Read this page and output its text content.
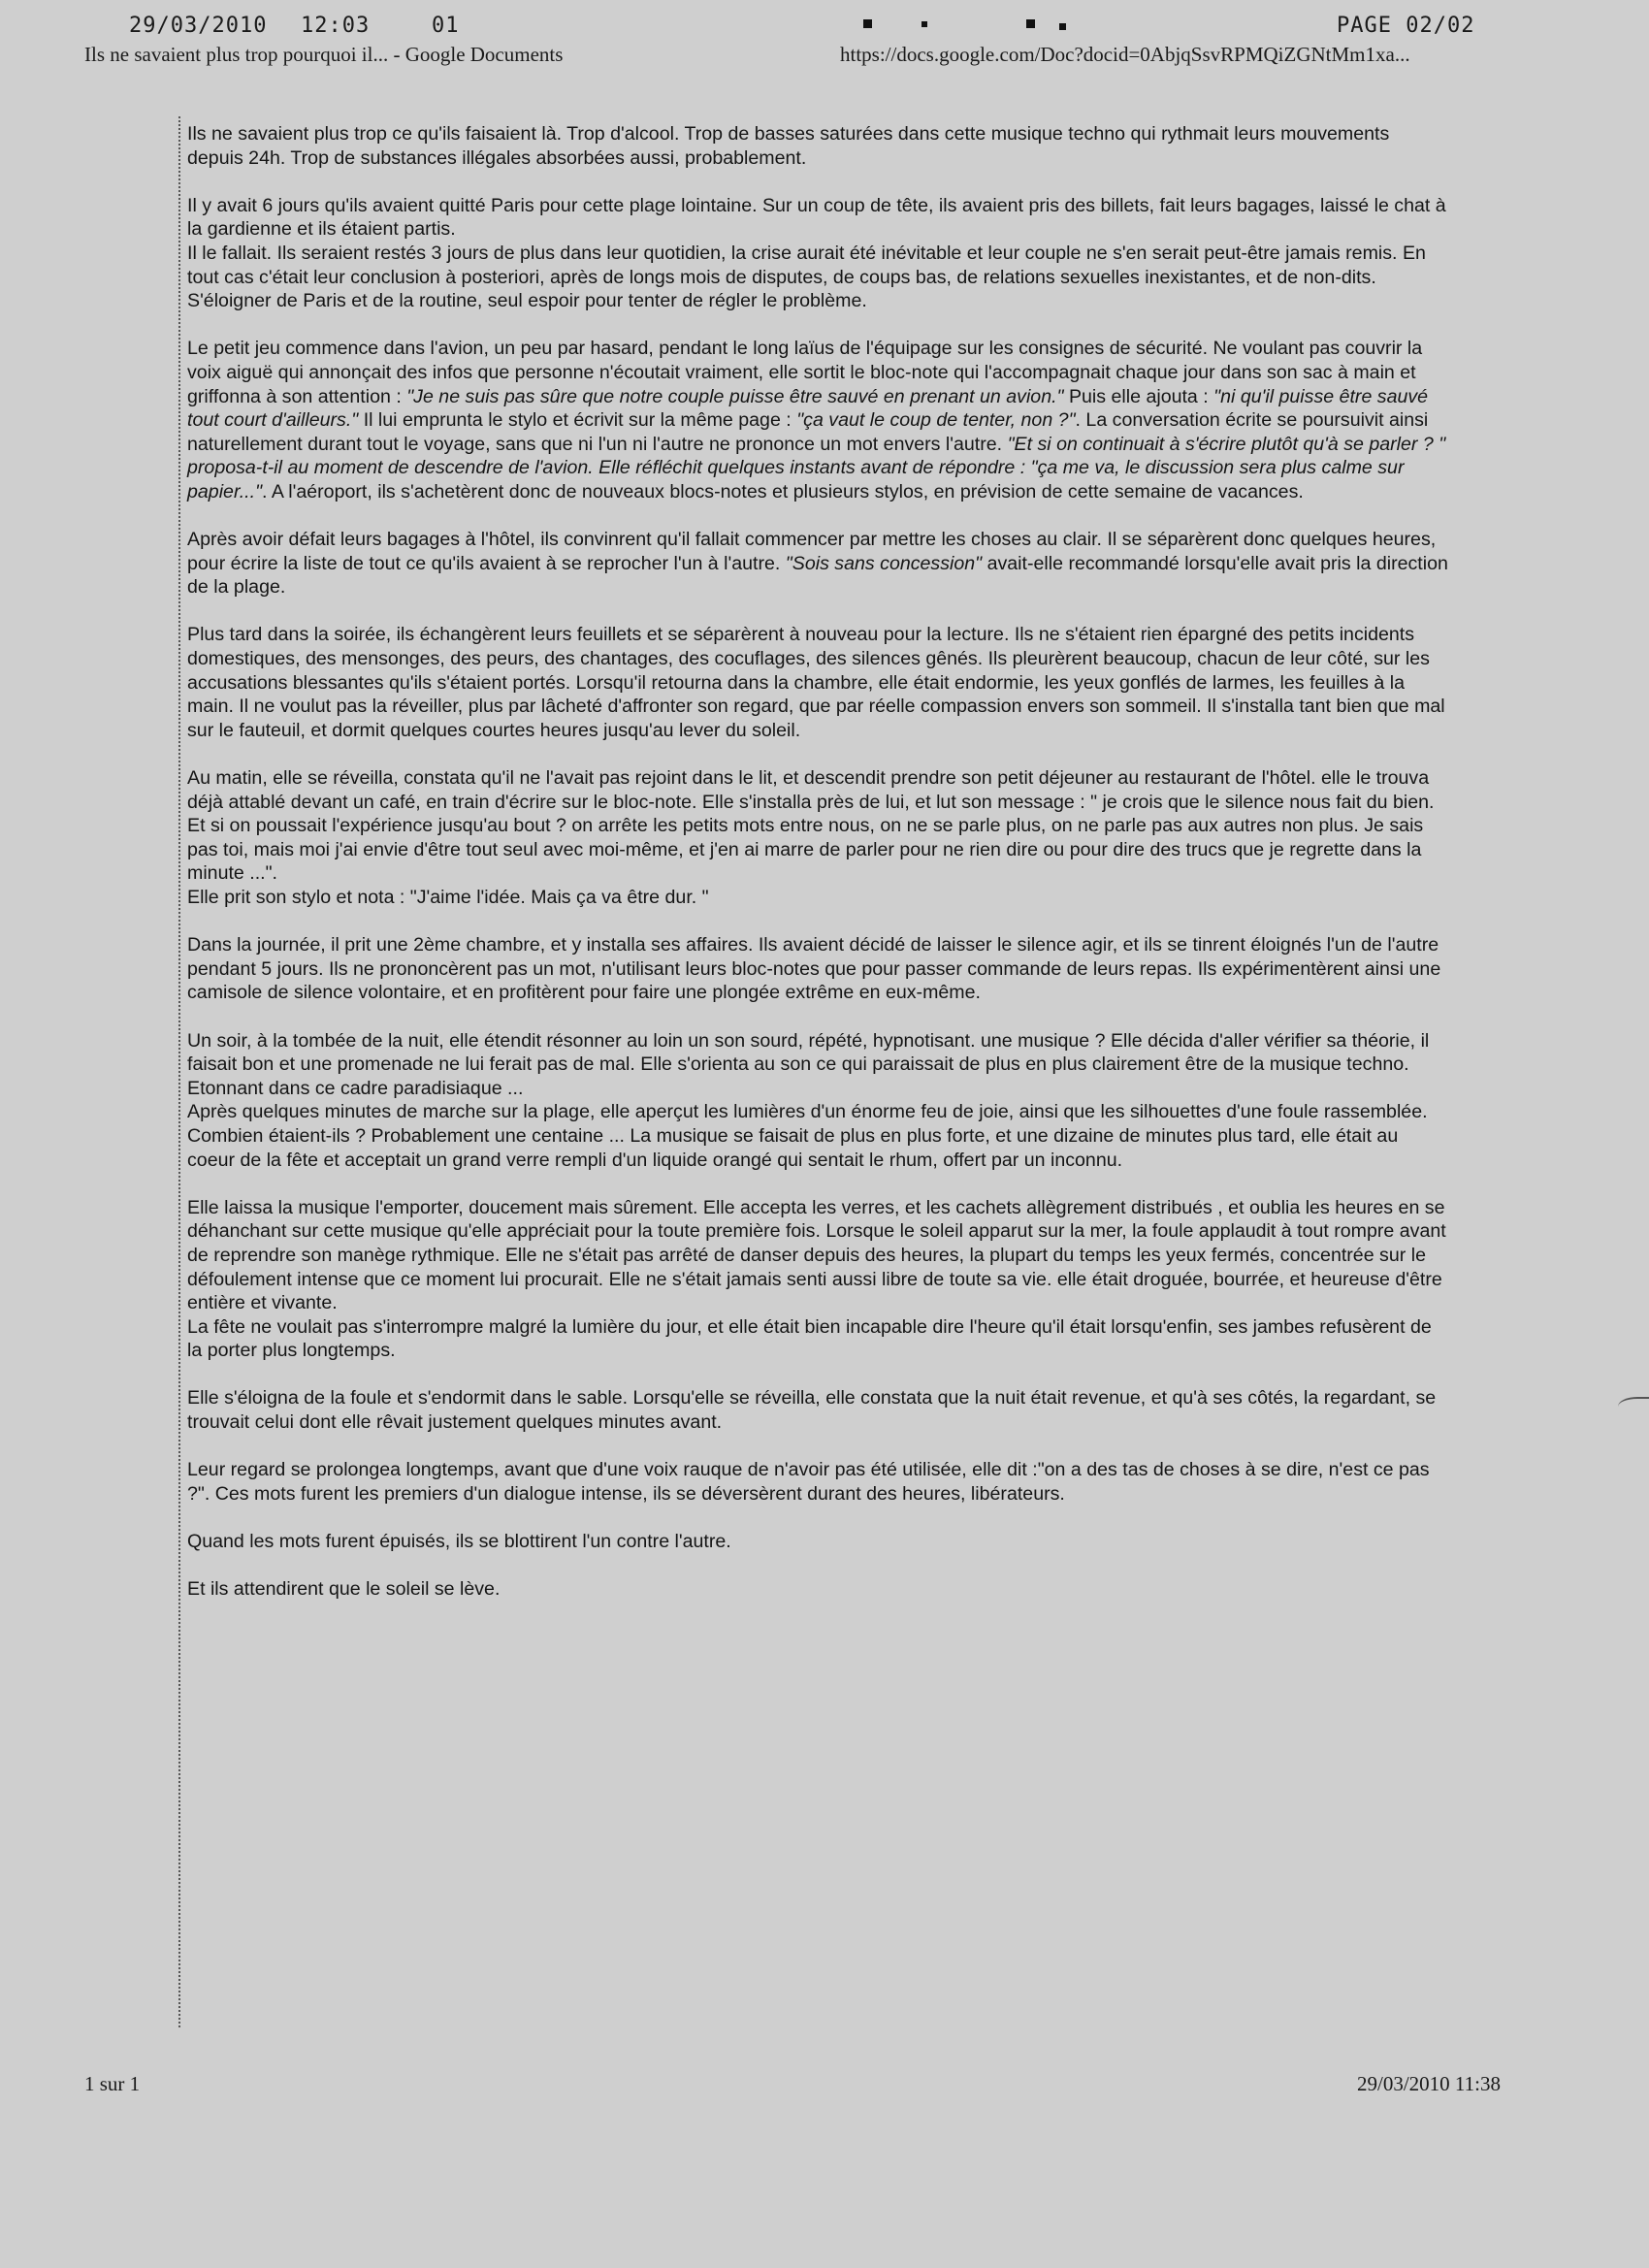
29/03/2010 12:03	01	PAGE 02/02
Ils ne savaient plus trop pourquoi il... - Google Documents	https://docs.google.com/Doc?docid=0AbjqSsvRPMQiZGNtMm1xa...

Ils ne savaient plus trop ce qu'ils faisaient là. Trop d'alcool. Trop de basses saturées dans cette musique techno qui rythmait leurs mouvements depuis 24h. Trop de substances illégales absorbées aussi, probablement.

Il y avait 6 jours qu'ils avaient quitté Paris pour cette plage lointaine. Sur un coup de tête, ils avaient pris des billets, fait leurs bagages, laissé le chat à la gardienne et ils étaient partis.

Il le fallait. Ils seraient restés 3 jours de plus dans leur quotidien, la crise aurait été inévitable et leur couple ne s'en serait peut-être jamais remis. En tout cas c'était leur conclusion à posteriori, après de longs mois de disputes, de coups bas, de relations sexuelles inexistantes, et de non-dits. S'éloigner de Paris et de la routine, seul espoir pour tenter de régler le problème.

Le petit jeu commence dans l'avion, un peu par hasard, pendant le long laïus de l'équipage sur les consignes de sécurité. Ne voulant pas couvrir la voix aiguë qui annonçait des infos que personne n'écoutait vraiment, elle sortit le bloc-note qui l'accompagnait chaque jour dans son sac à main et griffonna à son attention : "Je ne suis pas sûre que notre couple puisse être sauvé en prenant un avion." Puis elle ajouta : "ni qu'il puisse être sauvé tout court d'ailleurs." Il lui emprunta le stylo et écrivit sur la même page : "ça vaut le coup de tenter, non ?". La conversation écrite se poursuivit ainsi naturellement durant tout le voyage, sans que ni l'un ni l'autre ne prononce un mot envers l'autre. "Et si on continuait à s'écrire plutôt qu'à se parler ? " proposa-t-il au moment de descendre de l'avion. Elle réfléchit quelques instants avant de répondre : "ça me va, le discussion sera plus calme sur papier...". A l'aéroport, ils s'achetèrent donc de nouveaux blocs-notes et plusieurs stylos, en prévision de cette semaine de vacances.

Après avoir défait leurs bagages à l'hôtel, ils convinrent qu'il fallait commencer par mettre les choses au clair. Il se séparèrent donc quelques heures, pour écrire la liste de tout ce qu'ils avaient à se reprocher l'un à l'autre. "Sois sans concession" avait-elle recommandé lorsqu'elle avait pris la direction de la plage.

Plus tard dans la soirée, ils échangèrent leurs feuillets et se séparèrent à nouveau pour la lecture. Ils ne s'étaient rien épargné des petits incidents domestiques, des mensonges, des peurs, des chantages, des cocuflages, des silences gênés. Ils pleurèrent beaucoup, chacun de leur côté, sur les accusations blessantes qu'ils s'étaient portés. Lorsqu'il retourna dans la chambre, elle était endormie, les yeux gonflés de larmes, les feuilles à la main. Il ne voulut pas la réveiller, plus par lâcheté d'affronter son regard, que par réelle compassion envers son sommeil. Il s'installa tant bien que mal sur le fauteuil, et dormit quelques courtes heures jusqu'au lever du soleil.

Au matin, elle se réveilla, constata qu'il ne l'avait pas rejoint dans le lit, et descendit prendre son petit déjeuner au restaurant de l'hôtel. elle le trouva déjà attablé devant un café, en train d'écrire sur le bloc-note. Elle s'installa près de lui, et lut son message : " je crois que le silence nous fait du bien. Et si on poussait l'expérience jusqu'au bout ? on arrête les petits mots entre nous, on ne se parle plus, on ne parle pas aux autres non plus. Je sais pas toi, mais moi j'ai envie d'être tout seul avec moi-même, et j'en ai marre de parler pour ne rien dire ou pour dire des trucs que je regrette dans la minute ...".

Elle prit son stylo et nota : "J'aime l'idée. Mais ça va être dur. "

Dans la journée, il prit une 2ème chambre, et y installa ses affaires. Ils avaient décidé de laisser le silence agir, et ils se tinrent éloignés l'un de l'autre pendant 5 jours. Ils ne prononcèrent pas un mot, n'utilisant leurs bloc-notes que pour passer commande de leurs repas. Ils expérimentèrent ainsi une camisole de silence volontaire, et en profitèrent pour faire une plongée extrême en eux-même.

Un soir, à la tombée de la nuit, elle étendit résonner au loin un son sourd, répété, hypnotisant. une musique ? Elle décida d'aller vérifier sa théorie, il faisait bon et une promenade ne lui ferait pas de mal. Elle s'orienta au son ce qui paraissait de plus en plus clairement être de la musique techno. Etonnant dans ce cadre paradisiaque ...

Après quelques minutes de marche sur la plage, elle aperçut les lumières d'un énorme feu de joie, ainsi que les silhouettes d'une foule rassemblée. Combien étaient-ils ? Probablement une centaine ... La musique se faisait de plus en plus forte, et une dizaine de minutes plus tard, elle était au coeur de la fête et acceptait un grand verre rempli d'un liquide orangé qui sentait le rhum, offert par un inconnu.

Elle laissa la musique l'emporter, doucement mais sûrement. Elle accepta les verres, et les cachets allègrement distribués , et oublia les heures en se déhanchant sur cette musique qu'elle appréciait pour la toute première fois. Lorsque le soleil apparut sur la mer, la foule applaudit à tout rompre avant de reprendre son manège rythmique. Elle ne s'était pas arrêté de danser depuis des heures, la plupart du temps les yeux fermés, concentrée sur le défoulement intense que ce moment lui procurait. Elle ne s'était jamais senti aussi libre de toute sa vie. elle était droguée, bourrée, et heureuse d'être entière et vivante.

La fête ne voulait pas s'interrompre malgré la lumière du jour, et elle était bien incapable dire l'heure qu'il était lorsqu'enfin, ses jambes refusèrent de la porter plus longtemps.

Elle s'éloigna de la foule et s'endormit dans le sable. Lorsqu'elle se réveilla, elle constata que la nuit était revenue, et qu'à ses côtés, la regardant, se trouvait celui dont elle rêvait justement quelques minutes avant.

Leur regard se prolongea longtemps, avant que d'une voix rauque de n'avoir pas été utilisée, elle dit :"on a des tas de choses à se dire, n'est ce pas ?". Ces mots furent les premiers d'un dialogue intense, ils se déversèrent durant des heures, libérateurs.

Quand les mots furent épuisés, ils se blottirent l'un contre l'autre.

Et ils attendirent que le soleil se lève.

1 sur 1	29/03/2010 11:38
